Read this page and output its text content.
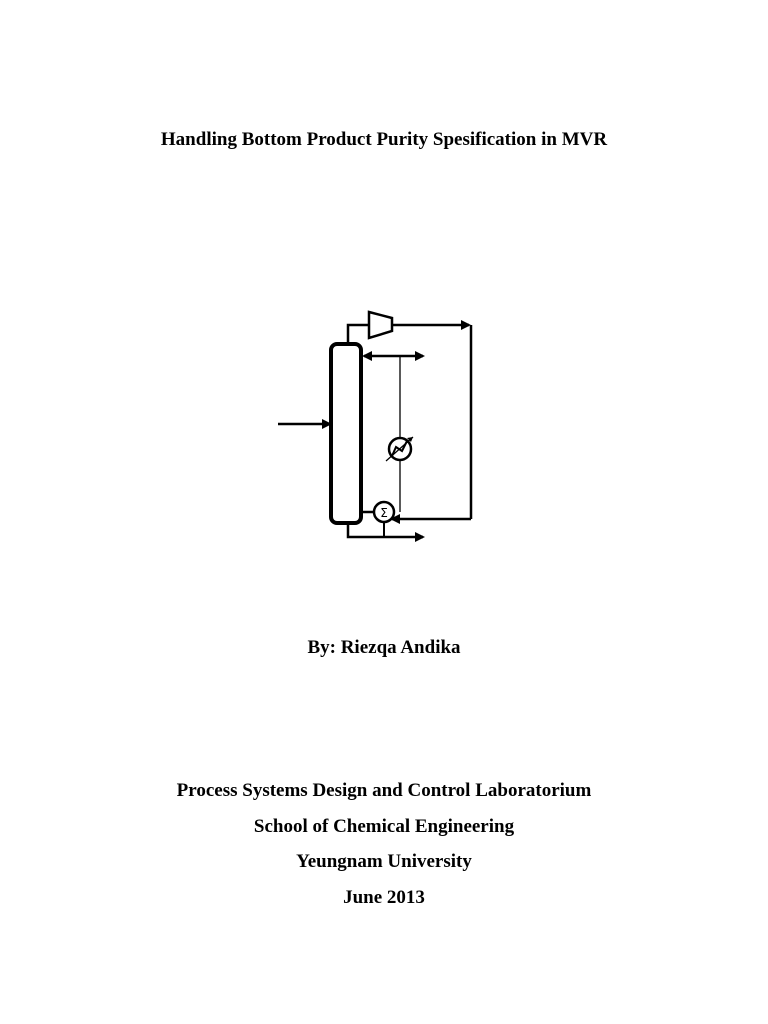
Handling Bottom Product Purity Spesification in MVR
Σ
By: Riezqa Andika
Process Systems Design and Control Laboratorium
School of Chemical Engineering
Yeungnam University
June 2013
